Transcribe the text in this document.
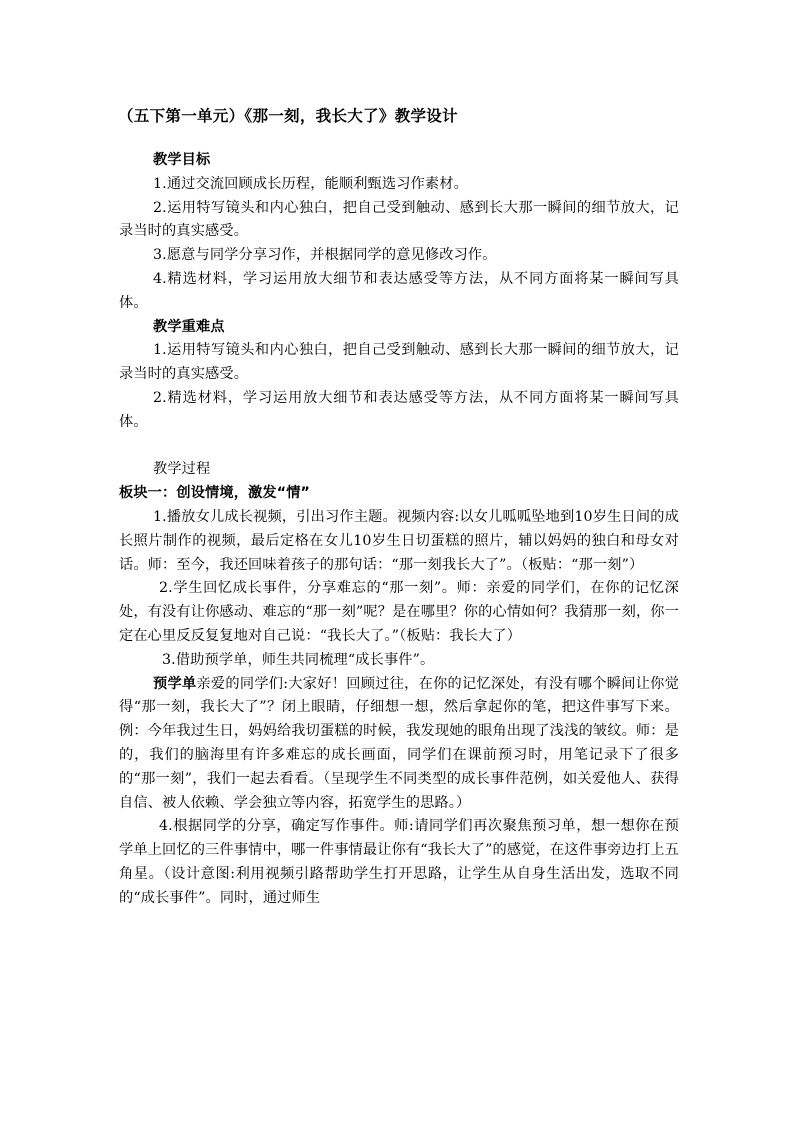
（五下第一单元）《那一刻，我长大了》教学设计

教学目标

1.通过交流回顾成长历程，能顺利甄选习作素材。

2.运用特写镜头和内心独白，把自己受到触动、感到长大那一瞬间的细节放大，记录当时的真实感受。

3.愿意与同学分享习作，并根据同学的意见修改习作。

4.精选材料，学习运用放大细节和表达感受等方法，从不同方面将某一瞬间写具体。

教学重难点

1.运用特写镜头和内心独白，把自己受到触动、感到长大那一瞬间的细节放大，记录当时的真实感受。

2.精选材料，学习运用放大细节和表达感受等方法，从不同方面将某一瞬间写具体。

教学过程

板块一：创设情境，激发“情”

1.播放女儿成长视频，引出习作主题。视频内容:以女儿呱呱坠地到10岁生日间的成长照片制作的视频，最后定格在女儿10岁生日切蛋糕的照片，辅以妈妈的独白和母女对话。师：至今，我还回味着孩子的那句话：“那一刻我长大了”。（板贴：“那一刻”）

2.学生回忆成长事件，分享难忘的“那一刻”。师：亲爱的同学们，在你的记忆深处，有没有让你感动、难忘的“那一刻”呢？是在哪里？你的心情如何？我猜那一刻，你一定在心里反反复复地对自己说：“我长大了。”（板贴：我长大了）

3.借助预学单，师生共同梳理“成长事件”。

预学单亲爱的同学们:大家好！回顾过往，在你的记忆深处，有没有哪个瞬间让你觉得“那一刻，我长大了”？闭上眼睛，仔细想一想，然后拿起你的笔，把这件事写下来。例：今年我过生日，妈妈给我切蛋糕的时候，我发现她的眼角出现了浅浅的皱纹。师：是的，我们的脑海里有许多难忘的成长画面，同学们在课前预习时，用笔记录下了很多的“那一刻”，我们一起去看看。（呈现学生不同类型的成长事件范例，如关爱他人、获得自信、被人依赖、学会独立等内容，拓宽学生的思路。）

4.根据同学的分享，确定写作事件。师:请同学们再次聚焦预习单，想一想你在预学单上回忆的三件事情中，哪一件事情最让你有“我长大了”的感觉，在这件事旁边打上五角星。（设计意图:利用视频引路帮助学生打开思路，让学生从自身生活出发，选取不同的“成长事件”。同时，通过师生
